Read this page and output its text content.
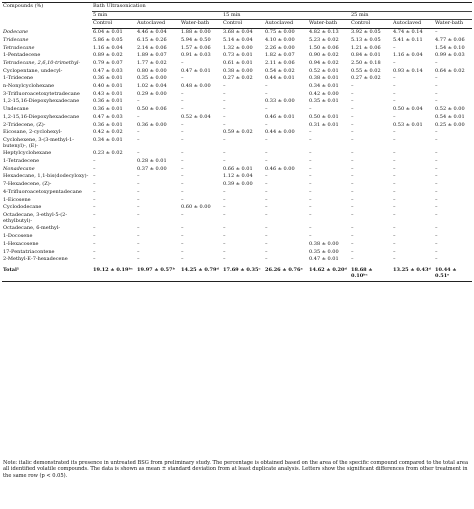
Compounds (%)	Bath Ultrasonication								
	5 min			15 min			25 min		
	Control	Autoclaved	Water-bath	Control	Autoclaved	Water-bath	Control	Autoclaved	Water-bath
Dodecane	6.04 ± 0.01	4.46 ± 0.04	1.88 ± 0.00	3.68 ± 0.04	0.75 ± 0.00	4.82 ± 0.13	3.92 ± 0.05	4.74 ± 0.14	–
Tridecane	5.86 ± 0.05	6.15 ± 0.26	5.94 ± 0.50	5.14 ± 0.04	4.10 ± 0.00	5.23 ± 0.02	5.13 ± 0.05	5.41 ± 0.11	4.77 ± 0.06
Tetradecane	1.16 ± 0.04	2.14 ± 0.06	1.57 ± 0.06	1.32 ± 0.00	2.26 ± 0.00	1.50 ± 0.06	1.21 ± 0.06	–	1.54 ± 0.10
1-Pentadecene	0.89 ± 0.02	1.89 ± 0.07	0.91 ± 0.03	0.73 ± 0.01	1.82 ± 0.07	0.90 ± 0.02	0.84 ± 0.01	1.16 ± 0.04	0.99 ± 0.03
Tetradecane, 2,6,10-trimethyl-	0.79 ± 0.07	1.77 ± 0.02	–	0.61 ± 0.01	2.11 ± 0.06	0.94 ± 0.02	2.50 ± 0.18	–	–
Cyclopentane, undecyl-	0.47 ± 0.03	0.80 ± 0.00	0.47 ± 0.01	0.38 ± 0.00	0.54 ± 0.02	0.52 ± 0.01	0.55 ± 0.02	0.93 ± 0.14	0.64 ± 0.02
1-Tridecene	0.36 ± 0.01	0.35 ± 0.00	–	0.27 ± 0.02	0.44 ± 0.01	0.38 ± 0.01	0.27 ± 0.02	–	–
n-Nonylcyclohexane	0.40 ± 0.01	1.02 ± 0.04	0.48 ± 0.00	–	–	0.34 ± 0.01	–	–	–
3-Trifluoroacetoxytetradecane	0.43 ± 0.01	0.29 ± 0.00	–	–	–	0.42 ± 0.00	–	–	–
1,2-15,16-Diepoxyhexadecane	0.36 ± 0.01	–	–	–	0.33 ± 0.00	0.35 ± 0.01	–	–	–
Undecane	0.36 ± 0.01	0.50 ± 0.06	–	–	–	–	–	0.50 ± 0.04	0.52 ± 0.00
1,2-15,16-Diepoxyhexadecane	0.47 ± 0.03	–	0.52 ± 0.04	–	0.46 ± 0.01	0.50 ± 0.01	–	–	0.54 ± 0.01
2-Tridecene, (Z)-	0.36 ± 0.01	0.36 ± 0.00	–	–	–	0.31 ± 0.01	–	0.53 ± 0.01	0.25 ± 0.00
Eicosane, 2-cyclohexyl-	0.42 ± 0.02	–	–	0.59 ± 0.02	0.44 ± 0.00	–	–	–	–
Cyclohexene, 3-(3-methyl-1-butenyl)-, (E)-	0.34 ± 0.01	–	–	–	–	–	–	–	–
Heptylcyclohexane	0.23 ± 0.02	–	–	–	–	–	–	–	–
1-Tetradecene	–	0.28 ± 0.01	–	–	–	–	–	–	–
Nonadecane	–	0.37 ± 0.00	–	0.66 ± 0.01	0.46 ± 0.00	–	–	–	–
Hexadecane, 1,1-bis(dodecyloxy)-	–	–	–	1.12 ± 0.04	–	–	–	–	–
7-Hexadecene, (Z)-	–	–	–	0.39 ± 0.00	–	–	–	–	–
4-Trifluoroacetoxypentadecane	–	–	–	–	–	–	–	–	–
1-Eicosene	–	–	–	–	–	–	–	–	–
Cyclododecane	–	–	0.60 ± 0.00	–	–	–	–	–	–
Octadecane, 3-ethyl-5-(2-ethylbutyl)-	–	–	–	–	–	–	–	–	–
Octadecane, 6-methyl-	–	–	–	–	–	–	–	–	–
1-Docosene	–	–	–	–	–	–	–	–	–
1-Hexacosene	–	–	–	–	–	0.38 ± 0.00	–	–	–
17-Pentatriacontene	–	–	–	–	–	0.35 ± 0.00	–	–	–
2-Methyl-E-7-hexadecene	–	–	–	–	–	0.47 ± 0.01	–	–	–
Total¹	19.12 ± 0.19ᵇᶜ	19.97 ± 0.57ᵇ	14.25 ± 0.79ᵈ	17.69 ± 0.35ᶜ	26.26 ± 0.76ᵃ	14.62 ± 0.20ᵈ	18.68 ± 0.10ᵇᶜ	13.25 ± 0.43ᵈ	10.44 ± 0.51ᵉ
Note: italic demonstrated its presence in untreated BSG from preliminary study. The percentage is obtained based on the area of the specific compound compared to the total area all identified volatile compounds. The data is shown as mean ± standard deviation from at least duplicate analysis. Letters show the significant differences from other treatment in the same row (p < 0.05).
